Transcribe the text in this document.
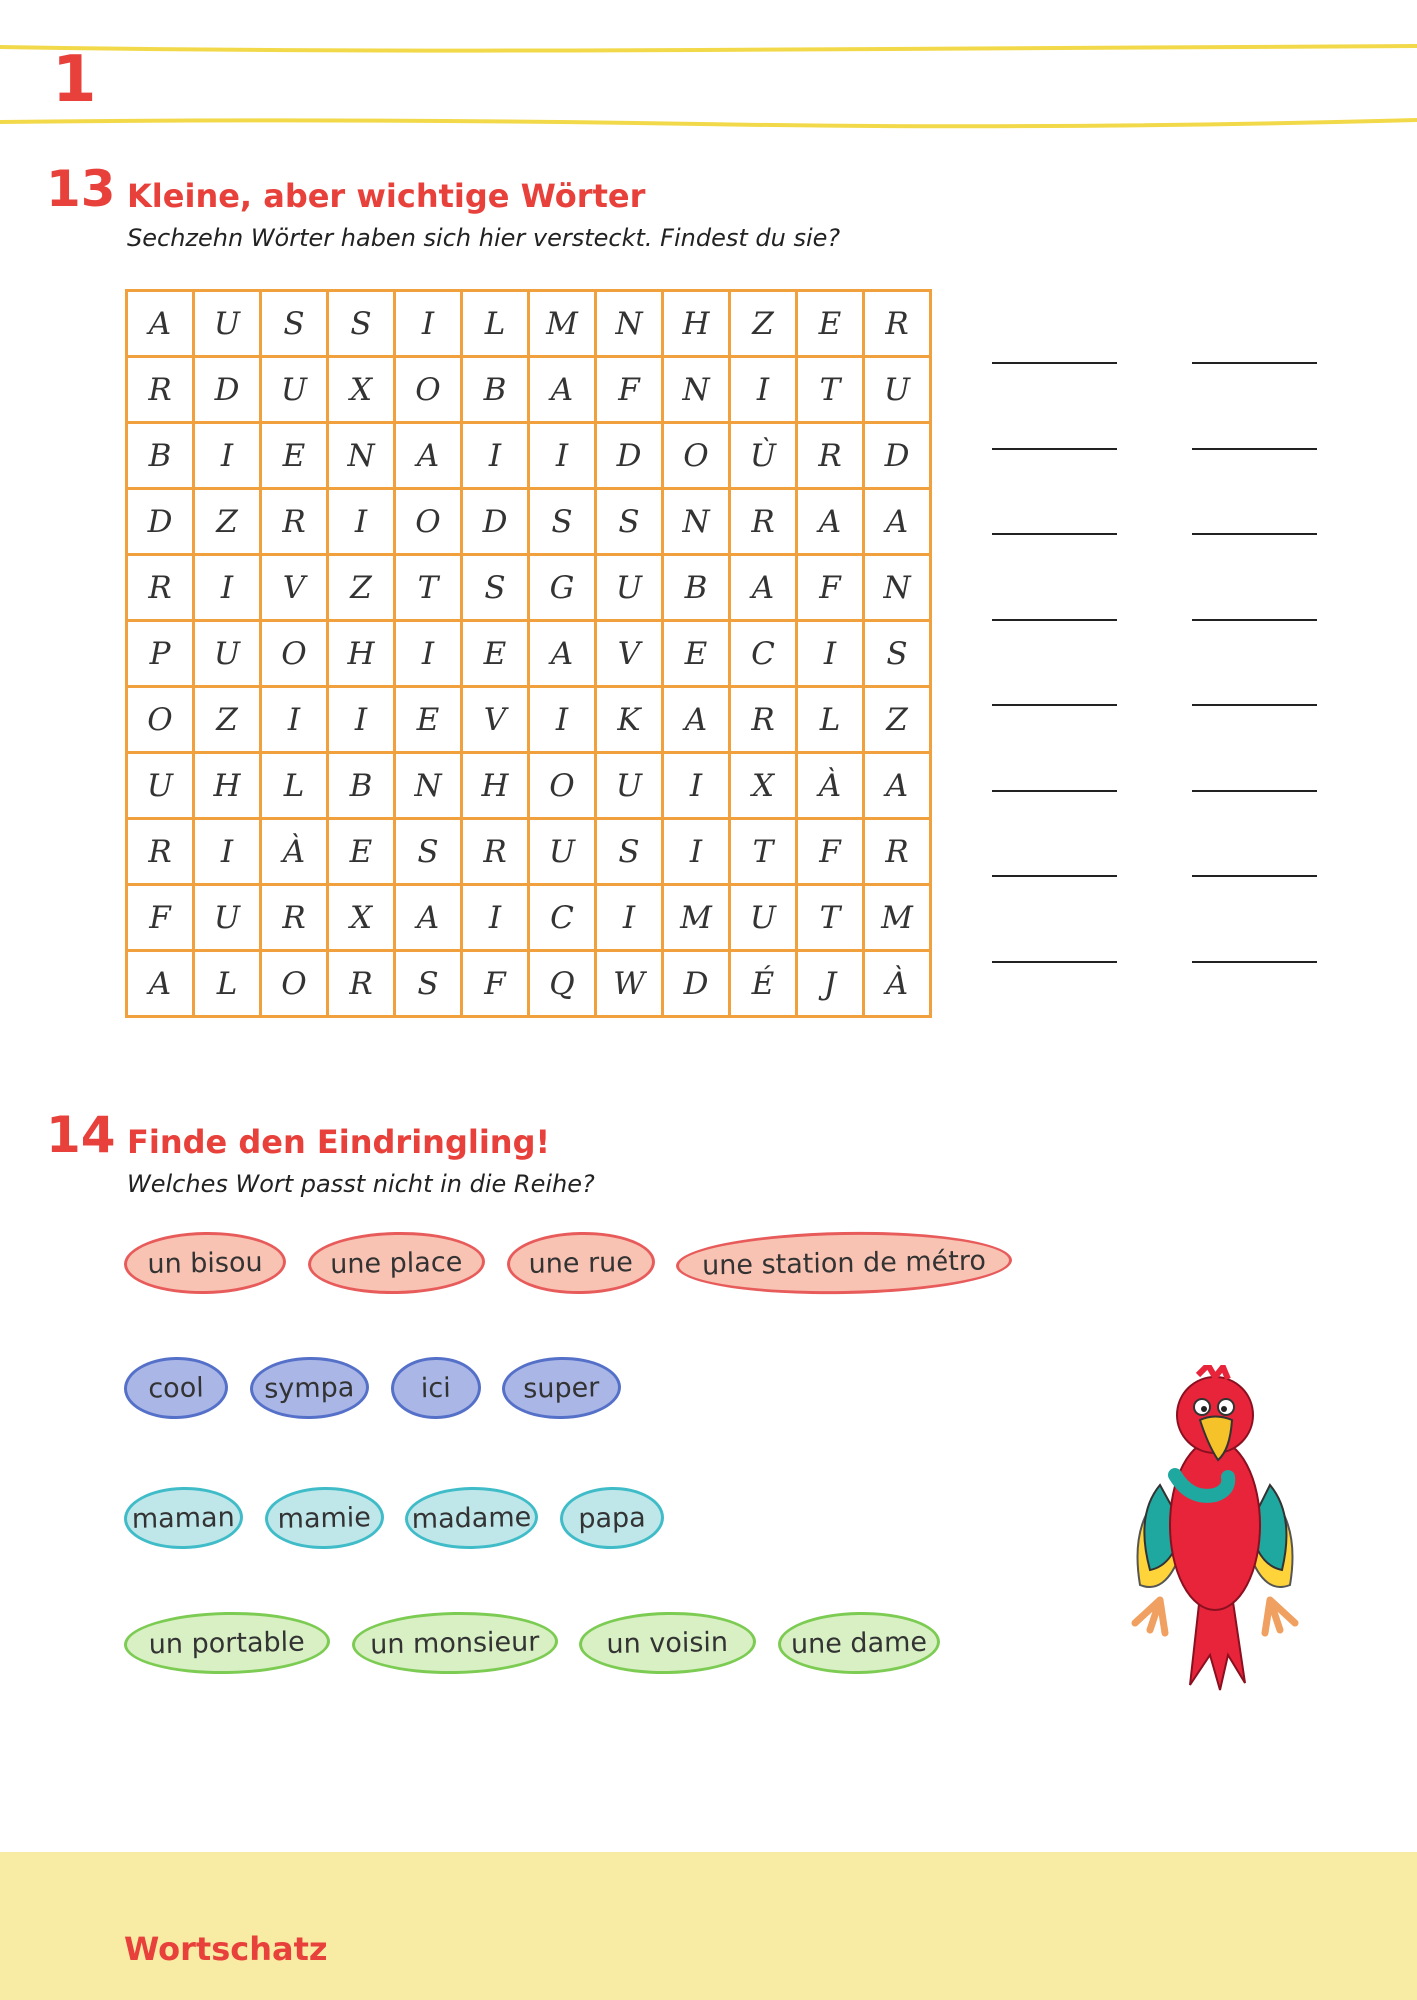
1
13 Kleine, aber wichtige Wörter
Sechzehn Wörter haben sich hier versteckt. Findest du sie?
A	U	S	S	I	L	M	N	H	Z	E	R
R	D	U	X	O	B	A	F	N	I	T	U
B	I	E	N	A	I	I	D	O	Ù	R	D
D	Z	R	I	O	D	S	S	N	R	A	A
R	I	V	Z	T	S	G	U	B	A	F	N
P	U	O	H	I	E	A	V	E	C	I	S
O	Z	I	I	E	V	I	K	A	R	L	Z
U	H	L	B	N	H	O	U	I	X	À	A
R	I	À	E	S	R	U	S	I	T	F	R
F	U	R	X	A	I	C	I	M	U	T	M
A	L	O	R	S	F	Q	W	D	É	J	À
14 Finde den Eindringling!
Welches Wort passt nicht in die Reihe?
un bisou	une place	une rue	une station de métro
cool	sympa	ici	super
maman	mamie	madame	papa
un portable	un monsieur	un voisin	une dame
Wortschatz
